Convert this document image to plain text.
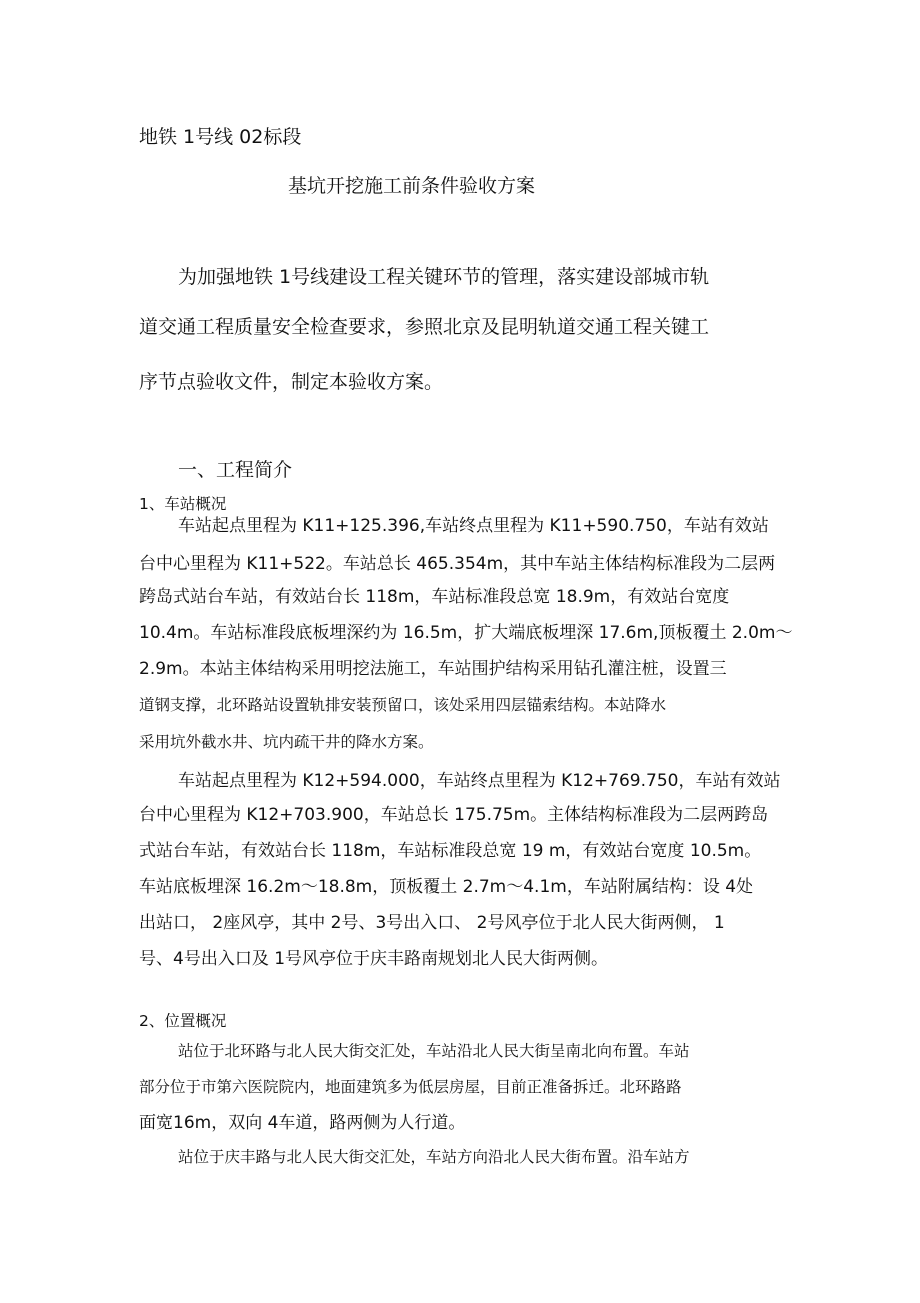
地铁 1号线 02标段
基坑开挖施工前条件验收方案
为加强地铁 1号线建设工程关键环节的管理，落实建设部城市轨
道交通工程质量安全检查要求，参照北京及昆明轨道交通工程关键工
序节点验收文件，制定本验收方案。
一、工程简介
1、车站概况
车站起点里程为 K11+125.396,车站终点里程为 K11+590.750，车站有效站
台中心里程为 K11+522。车站总长 465.354m，其中车站主体结构标准段为二层两
跨岛式站台车站，有效站台长 118m，车站标准段总宽 18.9m，有效站台宽度
10.4m。车站标准段底板埋深约为 16.5m，扩大端底板埋深 17.6m,顶板覆土 2.0m～
2.9m。本站主体结构采用明挖法施工，车站围护结构采用钻孔灌注桩，设置三
道钢支撑，北环路站设置轨排安装预留口，该处采用四层锚索结构。本站降水
采用坑外截水井、坑内疏干井的降水方案。
车站起点里程为 K12+594.000，车站终点里程为 K12+769.750，车站有效站
台中心里程为 K12+703.900，车站总长 175.75m。主体结构标准段为二层两跨岛
式站台车站，有效站台长 118m，车站标准段总宽 19 m，有效站台宽度 10.5m。
车站底板埋深 16.2m～18.8m，顶板覆土 2.7m～4.1m，车站附属结构：设 4处
出站口， 2座风亭，其中 2号、3号出入口、 2号风亭位于北人民大街两侧， 1
号、4号出入口及 1号风亭位于庆丰路南规划北人民大街两侧。
2、位置概况
站位于北环路与北人民大街交汇处，车站沿北人民大街呈南北向布置。车站
部分位于市第六医院院内，地面建筑多为低层房屋，目前正准备拆迁。北环路路
面宽16m，双向 4车道，路两侧为人行道。
站位于庆丰路与北人民大街交汇处，车站方向沿北人民大街布置。沿车站方
